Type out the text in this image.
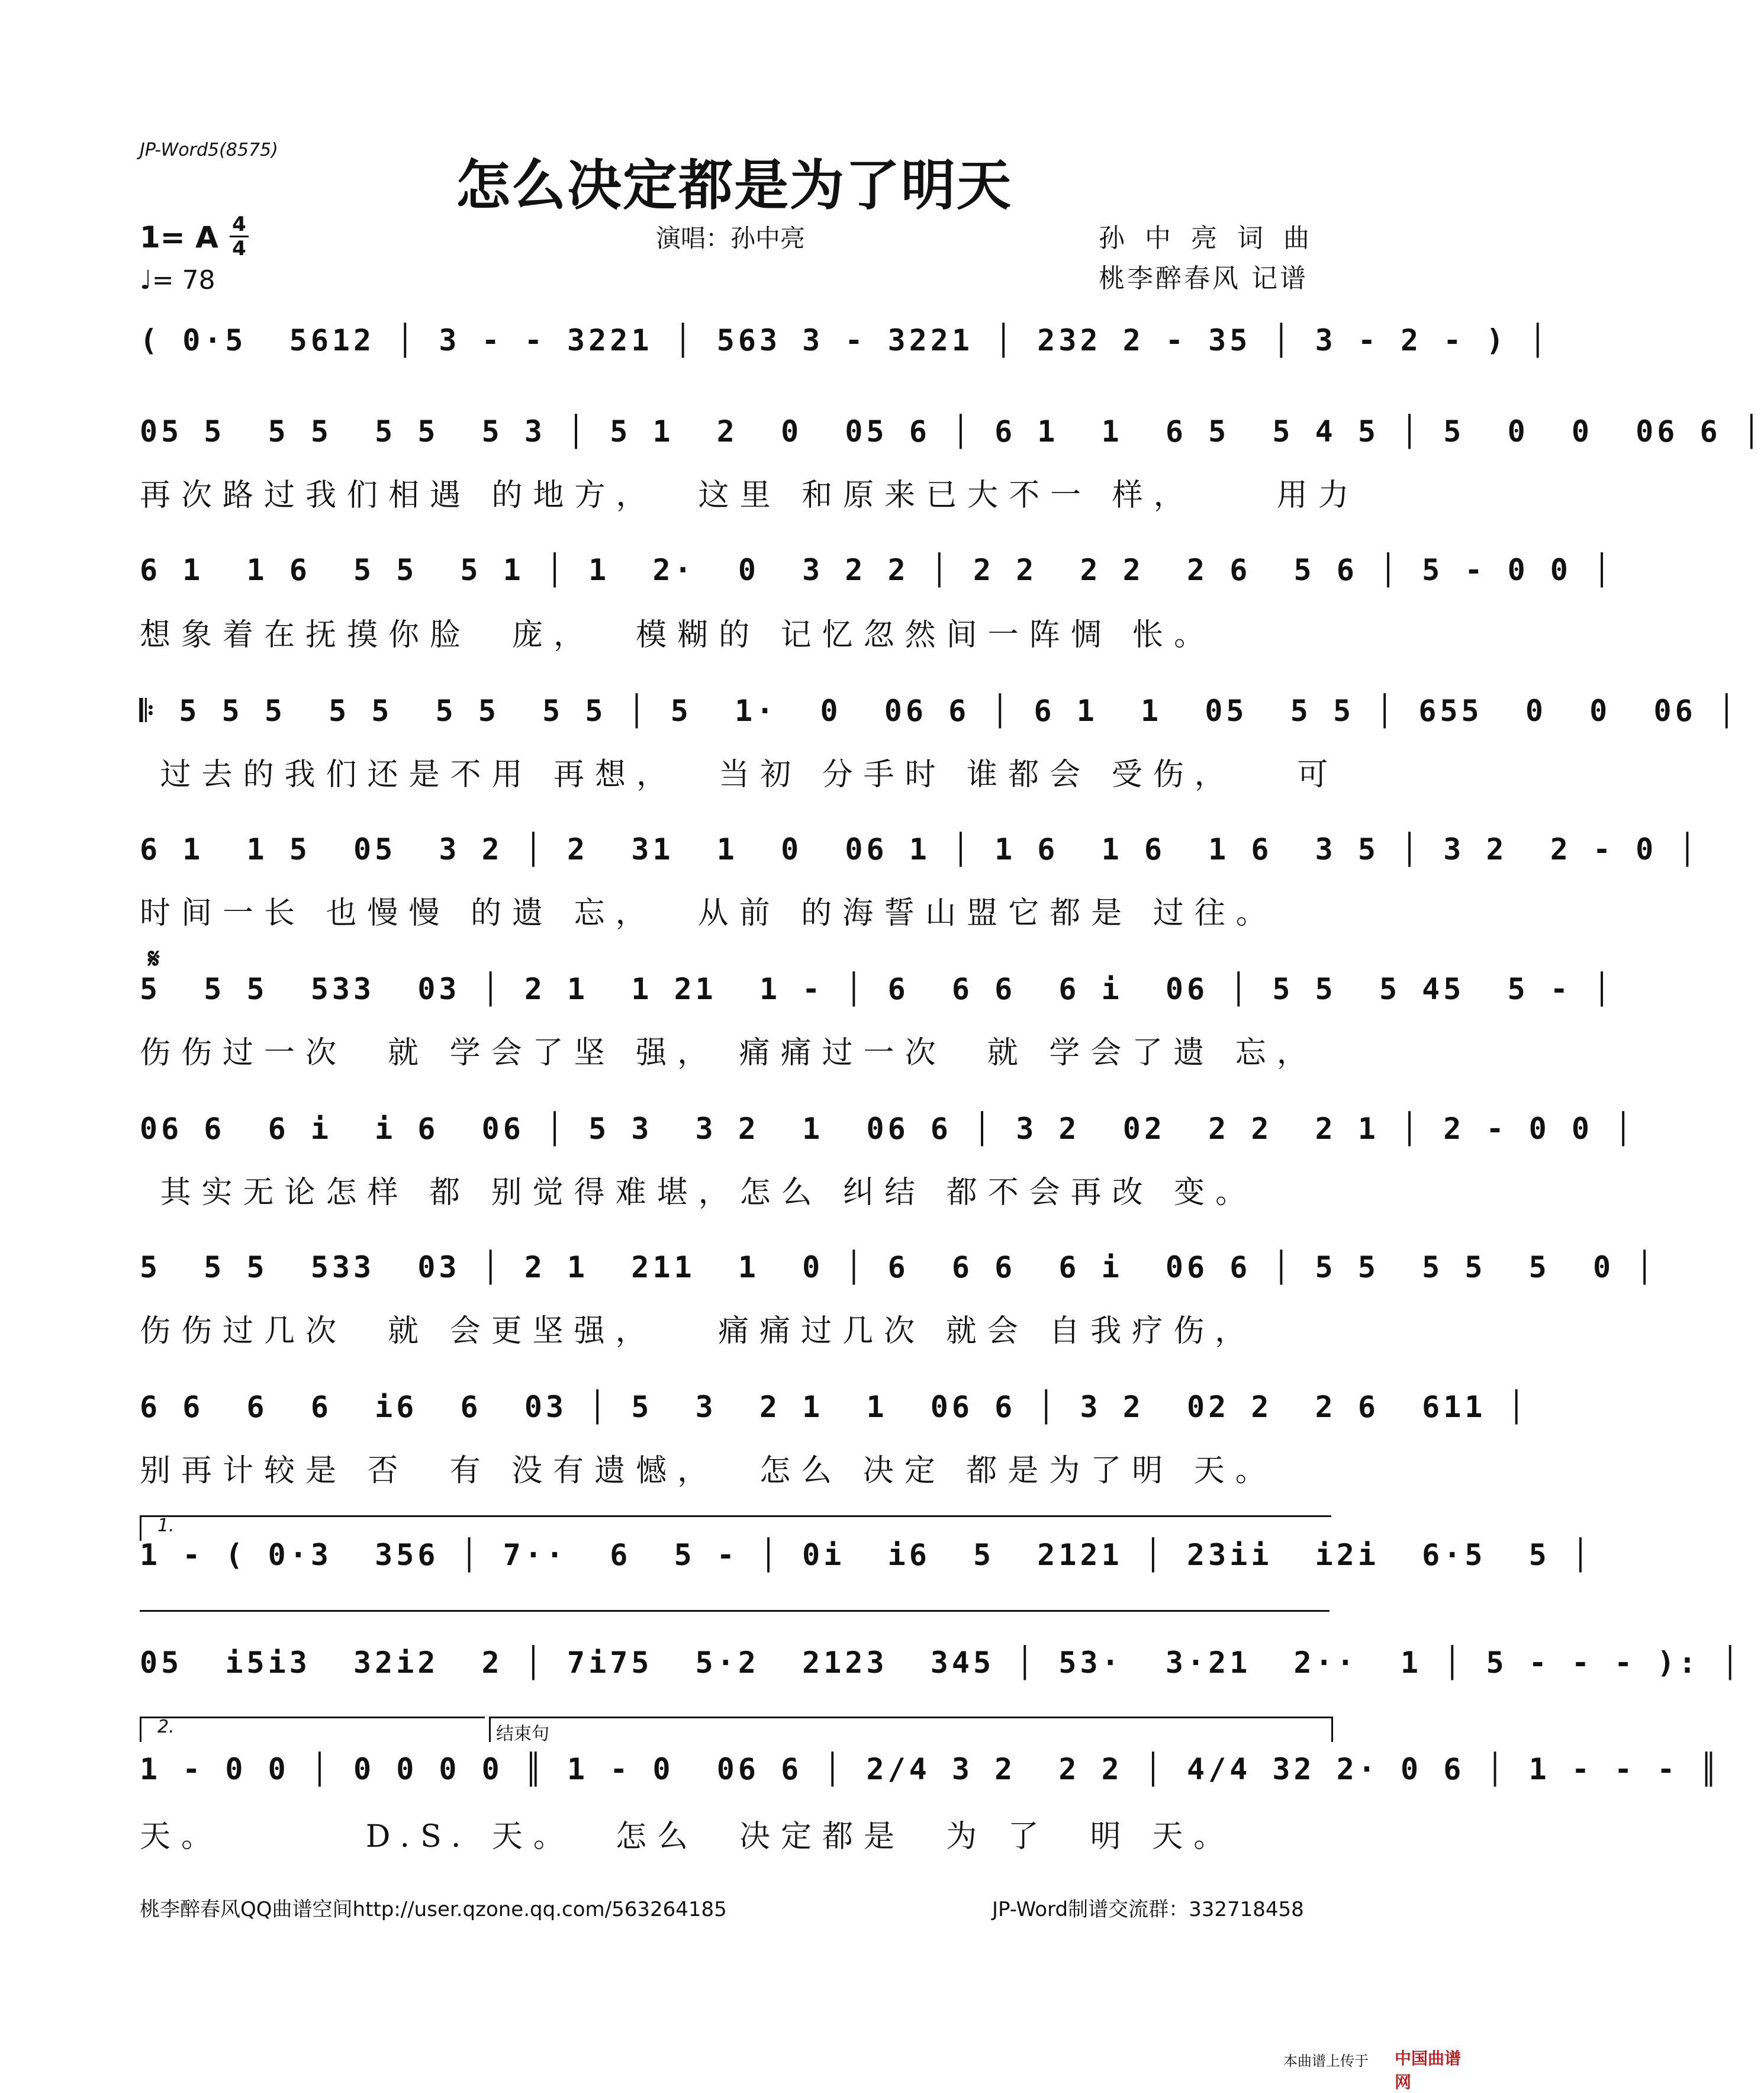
JP-Word5(8575)
怎么决定都是为了明天
1= A 4
4
♩= 78
演唱：孙中亮	孙中亮词曲
桃李醉春风 记谱
( 0·5  5612 │ 3 - - 3221 │ 563 3 - 3221 │ 232 2 - 35 │ 3 - 2 - ) │
05 5  5 5  5 5  5 3 │ 5 1  2  0  05 6 │ 6 1  1  6 5  5 4 5 │ 5  0  0  06 6 │
再次路过我们相遇 的地方，  这里 和原来已大不一 样，    用力
6 1  1 6  5 5  5 1 │ 1  2·  0  3 2 2 │ 2 2  2 2  2 6  5 6 │ 5 - 0 0 │
想象着在抚摸你脸  庞，  模糊的 记忆忽然间一阵惆 怅。
𝄆 5 5 5  5 5  5 5  5 5 │ 5  1·  0  06 6 │ 6 1  1  05  5 5 │ 655  0  0  06 │
过去的我们还是不用 再想，  当初 分手时 谁都会 受伤，   可
6 1  1 5  05  3 2 │ 2  31  1  0  06 1 │ 1 6  1 6  1 6  3 5 │ 3 2  2 - 0 │
时间一长 也慢慢 的遗 忘，  从前 的海誓山盟它都是 过往。
𝄋
5  5 5  533  03 │ 2 1  1 21  1 - │ 6  6 6  6 i  06 │ 5 5  5 45  5 - │
伤伤过一次  就 学会了坚 强， 痛痛过一次  就 学会了遗 忘，
06 6  6 i  i 6  06 │ 5 3  3 2  1  06 6 │ 3 2  02  2 2  2 1 │ 2 - 0 0 │
其实无论怎样 都 别觉得难堪，怎么 纠结 都不会再改 变。
5  5 5  533  03 │ 2 1  211  1  0 │ 6  6 6  6 i  06 6 │ 5 5  5 5  5  0 │
伤伤过几次  就 会更坚强，   痛痛过几次 就会 自我疗伤，
6 6  6  6  i6  6  03 │ 5  3  2 1  1  06 6 │ 3 2  02 2  2 6  611 │
别再计较是 否  有 没有遗憾，  怎么 决定 都是为了明 天。
1.
1 - ( 0·3  356 │ 7··  6  5 - │ 0i  i6  5  2121 │ 23ii  i2i  6·5  5 │
05  i5i3  32i2  2 │ 7i75  5·2  2123  345 │ 53·  3·21  2··  1 │ 5 - - - ): │
2.	结束句
1 - 0 0 │ 0 0 0 0 ║ 1 - 0  06 6 │ 2/4 3 2  2 2 │ 4/4 32 2· 0 6 │ 1 - - - ║
天。       D.S. 天。  怎么  决定都是  为 了  明 天。
桃李醉春风QQ曲谱空间http://user.qzone.qq.com/563264185	JP-Word制谱交流群：332718458
本曲谱上传于 中国曲谱网
